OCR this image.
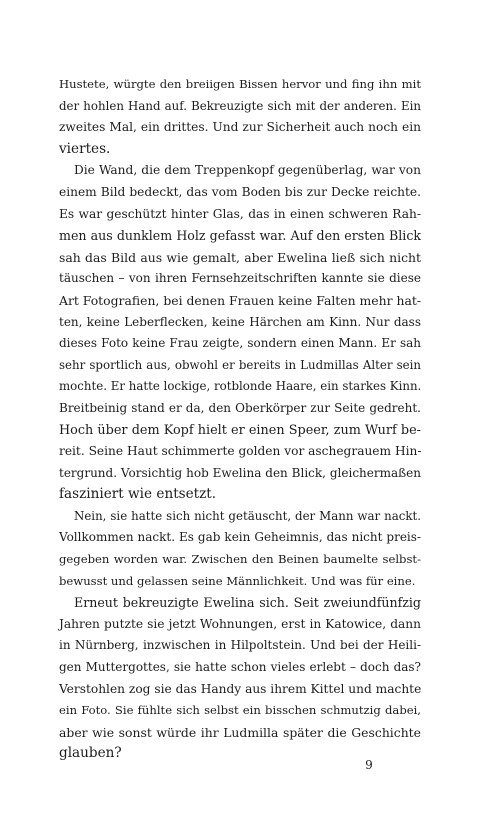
Hustete, würgte den breiigen Bissen hervor und fing ihn mit
der hohlen Hand auf. Bekreuzigte sich mit der anderen. Ein
zweites Mal, ein drittes. Und zur Sicherheit auch noch ein
viertes.
Die Wand, die dem Treppenkopf gegenüberlag, war von
einem Bild bedeckt, das vom Boden bis zur Decke reichte.
Es war geschützt hinter Glas, das in einen schweren Rah-
men aus dunklem Holz gefasst war. Auf den ersten Blick
sah das Bild aus wie gemalt, aber Ewelina ließ sich nicht
täuschen – von ihren Fernsehzeitschriften kannte sie diese
Art Fotografien, bei denen Frauen keine Falten mehr hat-
ten, keine Leberflecken, keine Härchen am Kinn. Nur dass
dieses Foto keine Frau zeigte, sondern einen Mann. Er sah
sehr sportlich aus, obwohl er bereits in Ludmillas Alter sein
mochte. Er hatte lockige, rotblonde Haare, ein starkes Kinn.
Breitbeinig stand er da, den Oberkörper zur Seite gedreht.
Hoch über dem Kopf hielt er einen Speer, zum Wurf be-
reit. Seine Haut schimmerte golden vor aschegrauem Hin-
tergrund. Vorsichtig hob Ewelina den Blick, gleichermaßen
fasziniert wie entsetzt.
Nein, sie hatte sich nicht getäuscht, der Mann war nackt.
Vollkommen nackt. Es gab kein Geheimnis, das nicht preis-
gegeben worden war. Zwischen den Beinen baumelte selbst-
bewusst und gelassen seine Männlichkeit. Und was für eine.
Erneut bekreuzigte Ewelina sich. Seit zweiundfünfzig
Jahren putzte sie jetzt Wohnungen, erst in Katowice, dann
in Nürnberg, inzwischen in Hilpoltstein. Und bei der Heili-
gen Muttergottes, sie hatte schon vieles erlebt – doch das?
Verstohlen zog sie das Handy aus ihrem Kittel und machte
ein Foto. Sie fühlte sich selbst ein bisschen schmutzig dabei,
aber wie sonst würde ihr Ludmilla später die Geschichte
glauben?
9
